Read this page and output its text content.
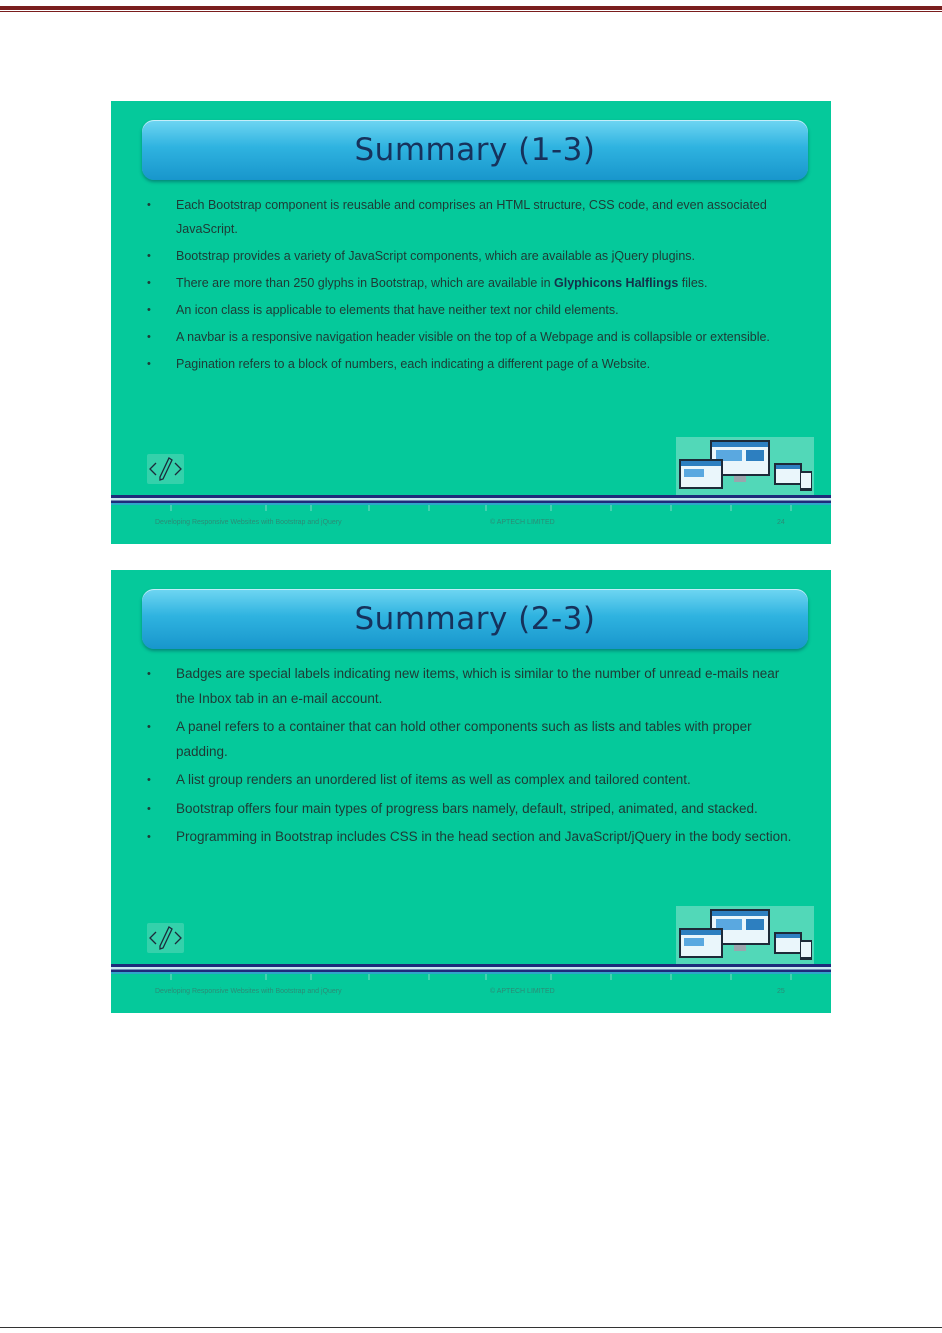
Summary (1-3)
• Each Bootstrap component is reusable and comprises an HTML structure, CSS code, and even associated JavaScript.
• Bootstrap provides a variety of JavaScript components, which are available as jQuery plugins.
• There are more than 250 glyphs in Bootstrap, which are available in Glyphicons Halflings files.
• An icon class is applicable to elements that have neither text nor child elements.
• A navbar is a responsive navigation header visible on the top of a Webpage and is collapsible or extensible.
• Pagination refers to a block of numbers, each indicating a different page of a Website.
Developing Responsive Websites with Bootstrap and jQuery	© APTECH LIMITED	24
Summary (2-3)
• Badges are special labels indicating new items, which is similar to the number of unread e-mails near the Inbox tab in an e-mail account.
• A panel refers to a container that can hold other components such as lists and tables with proper padding.
• A list group renders an unordered list of items as well as complex and tailored content.
• Bootstrap offers four main types of progress bars namely, default, striped, animated, and stacked.
• Programming in Bootstrap includes CSS in the head section and JavaScript/jQuery in the body section.
Developing Responsive Websites with Bootstrap and jQuery	© APTECH LIMITED	25
